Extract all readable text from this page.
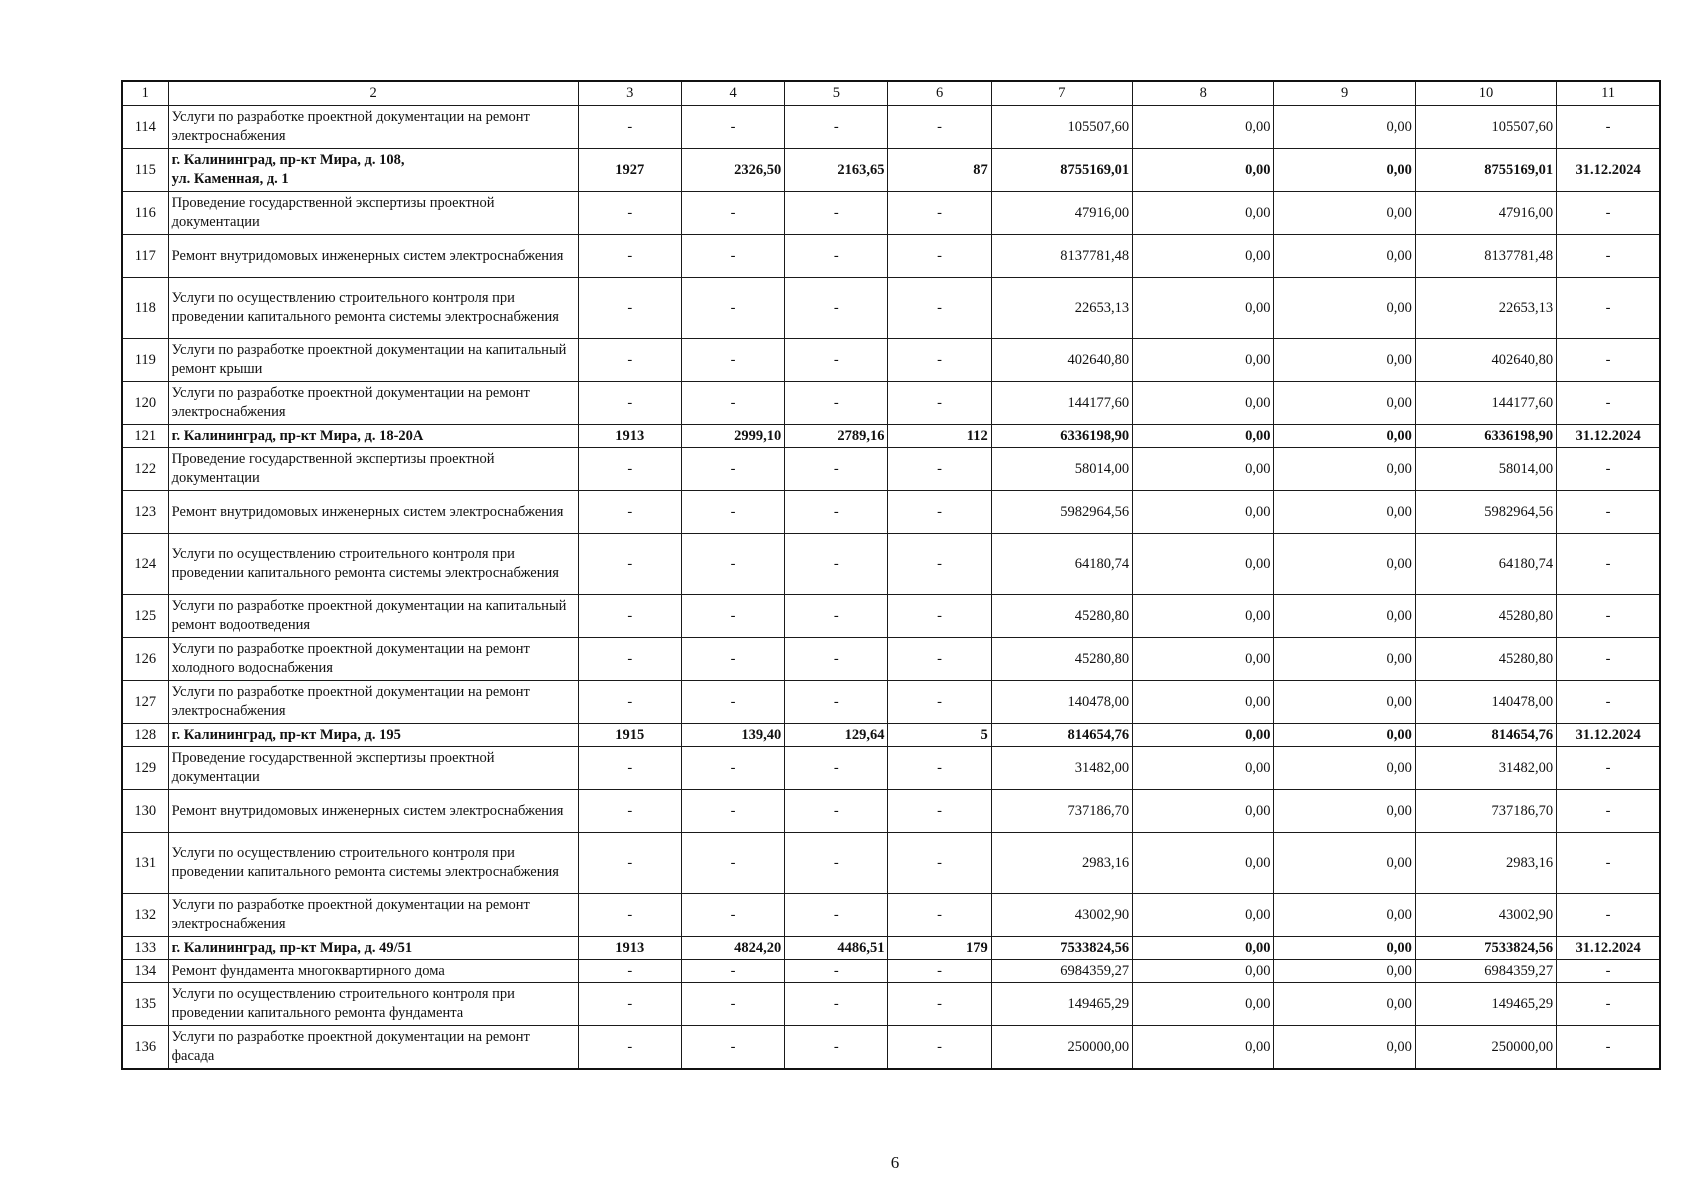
1	2	3	4	5	6	7	8	9	10	11
114	Услуги по разработке проектной документации на ремонт электроснабжения	-	-	-	-	105507,60	0,00	0,00	105507,60	-
115	г. Калининград, пр-кт Мира, д. 108,
ул. Каменная, д. 1	1927	2326,50	2163,65	87	8755169,01	0,00	0,00	8755169,01	31.12.2024
116	Проведение государственной экспертизы проектной документации	-	-	-	-	47916,00	0,00	0,00	47916,00	-
117	Ремонт внутридомовых инженерных систем электроснабжения	-	-	-	-	8137781,48	0,00	0,00	8137781,48	-
118	Услуги по осуществлению строительного контроля при проведении капитального ремонта системы электроснабжения	-	-	-	-	22653,13	0,00	0,00	22653,13	-
119	Услуги по разработке проектной документации на капитальный ремонт крыши	-	-	-	-	402640,80	0,00	0,00	402640,80	-
120	Услуги по разработке проектной документации на ремонт электроснабжения	-	-	-	-	144177,60	0,00	0,00	144177,60	-
121	г. Калининград, пр-кт Мира, д. 18-20А	1913	2999,10	2789,16	112	6336198,90	0,00	0,00	6336198,90	31.12.2024
122	Проведение государственной экспертизы проектной документации	-	-	-	-	58014,00	0,00	0,00	58014,00	-
123	Ремонт внутридомовых инженерных систем электроснабжения	-	-	-	-	5982964,56	0,00	0,00	5982964,56	-
124	Услуги по осуществлению строительного контроля при проведении капитального ремонта системы электроснабжения	-	-	-	-	64180,74	0,00	0,00	64180,74	-
125	Услуги по разработке проектной документации на капитальный ремонт водоотведения	-	-	-	-	45280,80	0,00	0,00	45280,80	-
126	Услуги по разработке проектной документации на ремонт холодного водоснабжения	-	-	-	-	45280,80	0,00	0,00	45280,80	-
127	Услуги по разработке проектной документации на ремонт электроснабжения	-	-	-	-	140478,00	0,00	0,00	140478,00	-
128	г. Калининград, пр-кт Мира, д. 195	1915	139,40	129,64	5	814654,76	0,00	0,00	814654,76	31.12.2024
129	Проведение государственной экспертизы проектной документации	-	-	-	-	31482,00	0,00	0,00	31482,00	-
130	Ремонт внутридомовых инженерных систем электроснабжения	-	-	-	-	737186,70	0,00	0,00	737186,70	-
131	Услуги по осуществлению строительного контроля при проведении капитального ремонта системы электроснабжения	-	-	-	-	2983,16	0,00	0,00	2983,16	-
132	Услуги по разработке проектной документации на ремонт электроснабжения	-	-	-	-	43002,90	0,00	0,00	43002,90	-
133	г. Калининград, пр-кт Мира, д. 49/51	1913	4824,20	4486,51	179	7533824,56	0,00	0,00	7533824,56	31.12.2024
134	Ремонт фундамента многоквартирного дома	-	-	-	-	6984359,27	0,00	0,00	6984359,27	-
135	Услуги по осуществлению строительного контроля при проведении капитального ремонта фундамента	-	-	-	-	149465,29	0,00	0,00	149465,29	-
136	Услуги по разработке проектной документации на ремонт фасада	-	-	-	-	250000,00	0,00	0,00	250000,00	-
6
